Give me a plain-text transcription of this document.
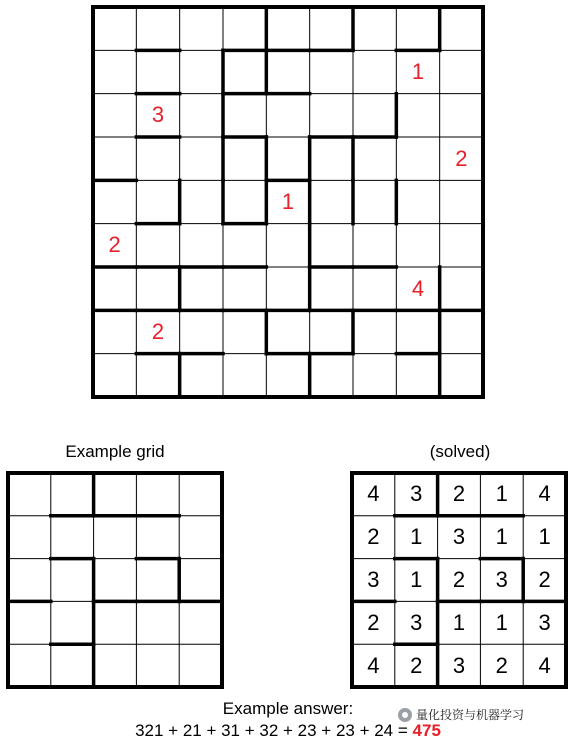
1
3
2
1
2
4
2
Example grid	(solved)
4	3	2	1	4
2	1	3	1	1
3	1	2	3	2
2	3	1	1	3
4	2	3	2	4
Example answer:
321 + 21 + 31 + 32 + 23 + 23 + 24 = 475
量化投资与机器学习
